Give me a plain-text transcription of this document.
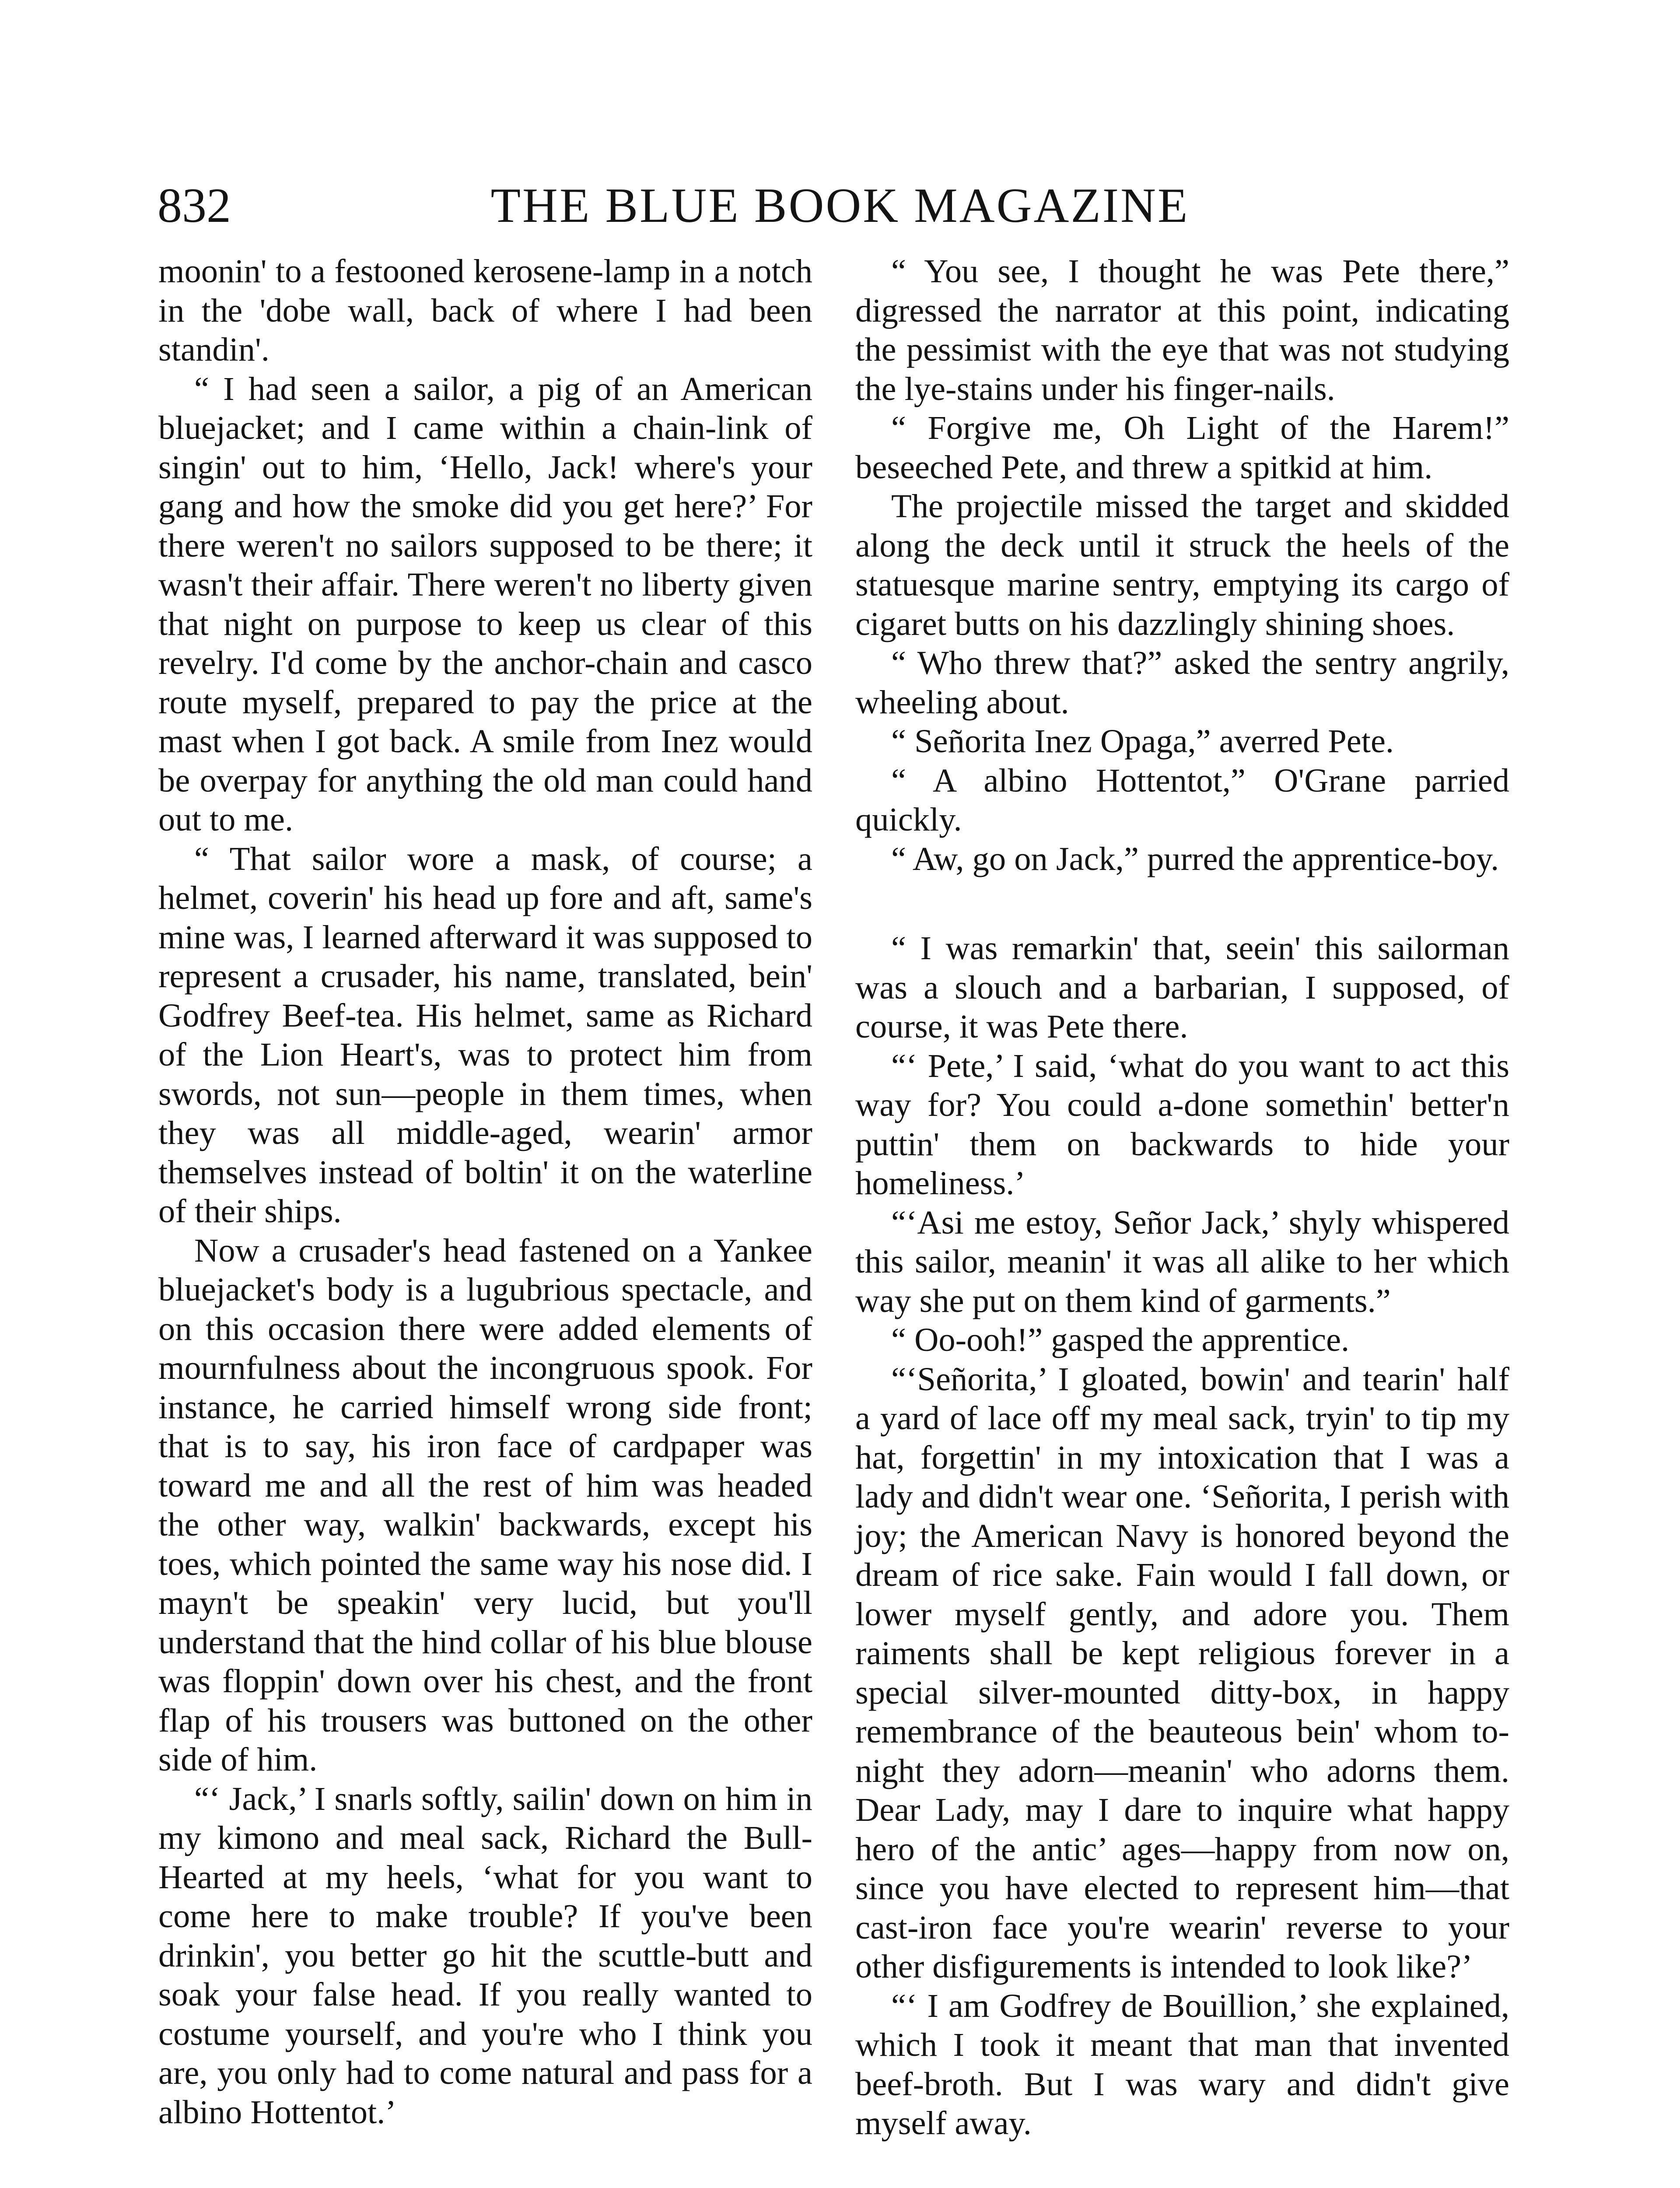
832	THE BLUE BOOK MAGAZINE

moonin' to a festooned kerosene-lamp in a notch in the 'dobe wall, back of where I had been standin'.

“ I had seen a sailor, a pig of an American bluejacket; and I came within a chain-link of singin' out to him, ‘Hello, Jack! where's your gang and how the smoke did you get here?’ For there weren't no sailors supposed to be there; it wasn't their affair. There weren't no liberty given that night on purpose to keep us clear of this revelry. I'd come by the anchor-chain and casco route myself, prepared to pay the price at the mast when I got back. A smile from Inez would be overpay for anything the old man could hand out to me.

“ That sailor wore a mask, of course; a helmet, coverin' his head up fore and aft, same's mine was, I learned afterward it was supposed to represent a crusader, his name, translated, bein' Godfrey Beef-tea. His helmet, same as Richard of the Lion Heart's, was to protect him from swords, not sun—people in them times, when they was all middle-aged, wearin' armor themselves instead of boltin' it on the waterline of their ships.

Now a crusader's head fastened on a Yankee bluejacket's body is a lugubrious spectacle, and on this occasion there were added elements of mournfulness about the incongruous spook. For instance, he carried himself wrong side front; that is to say, his iron face of cardpaper was toward me and all the rest of him was headed the other way, walkin' backwards, except his toes, which pointed the same way his nose did. I mayn't be speakin' very lucid, but you'll understand that the hind collar of his blue blouse was floppin' down over his chest, and the front flap of his trousers was buttoned on the other side of him.

“‘ Jack,’ I snarls softly, sailin' down on him in my kimono and meal sack, Richard the Bull-Hearted at my heels, ‘what for you want to come here to make trouble? If you've been drinkin', you better go hit the scuttle-butt and soak your false head. If you really wanted to costume yourself, and you're who I think you are, you only had to come natural and pass for a albino Hottentot.’

“ You see, I thought he was Pete there,” digressed the narrator at this point, indicating the pessimist with the eye that was not studying the lye-stains under his finger-nails.

“ Forgive me, Oh Light of the Harem!” beseeched Pete, and threw a spitkid at him.

The projectile missed the target and skidded along the deck until it struck the heels of the statuesque marine sentry, emptying its cargo of cigaret butts on his dazzlingly shining shoes.

“ Who threw that?” asked the sentry angrily, wheeling about.

“ Señorita Inez Opaga,” averred Pete.

“ A albino Hottentot,” O'Grane parried quickly.

“ Aw, go on Jack,” purred the apprentice-boy.

“ I was remarkin' that, seein' this sailorman was a slouch and a barbarian, I supposed, of course, it was Pete there.

“‘ Pete,’ I said, ‘what do you want to act this way for? You could a-done somethin' better'n puttin' them on backwards to hide your homeliness.’

“‘Asi me estoy, Señor Jack,’ shyly whispered this sailor, meanin' it was all alike to her which way she put on them kind of garments.”

“ Oo-ooh!” gasped the apprentice.

“‘Señorita,’ I gloated, bowin' and tearin' half a yard of lace off my meal sack, tryin' to tip my hat, forgettin' in my intoxication that I was a lady and didn't wear one. ‘Señorita, I perish with joy; the American Navy is honored beyond the dream of rice sake. Fain would I fall down, or lower myself gently, and adore you. Them raiments shall be kept religious forever in a special silver-mounted ditty-box, in happy remembrance of the beauteous bein' whom to-night they adorn—meanin' who adorns them. Dear Lady, may I dare to inquire what happy hero of the antic’ ages—happy from now on, since you have elected to represent him—that cast-iron face you're wearin' reverse to your other disfigurements is intended to look like?’

“‘ I am Godfrey de Bouillion,’ she explained, which I took it meant that man that invented beef-broth. But I was wary and didn't give myself away.
